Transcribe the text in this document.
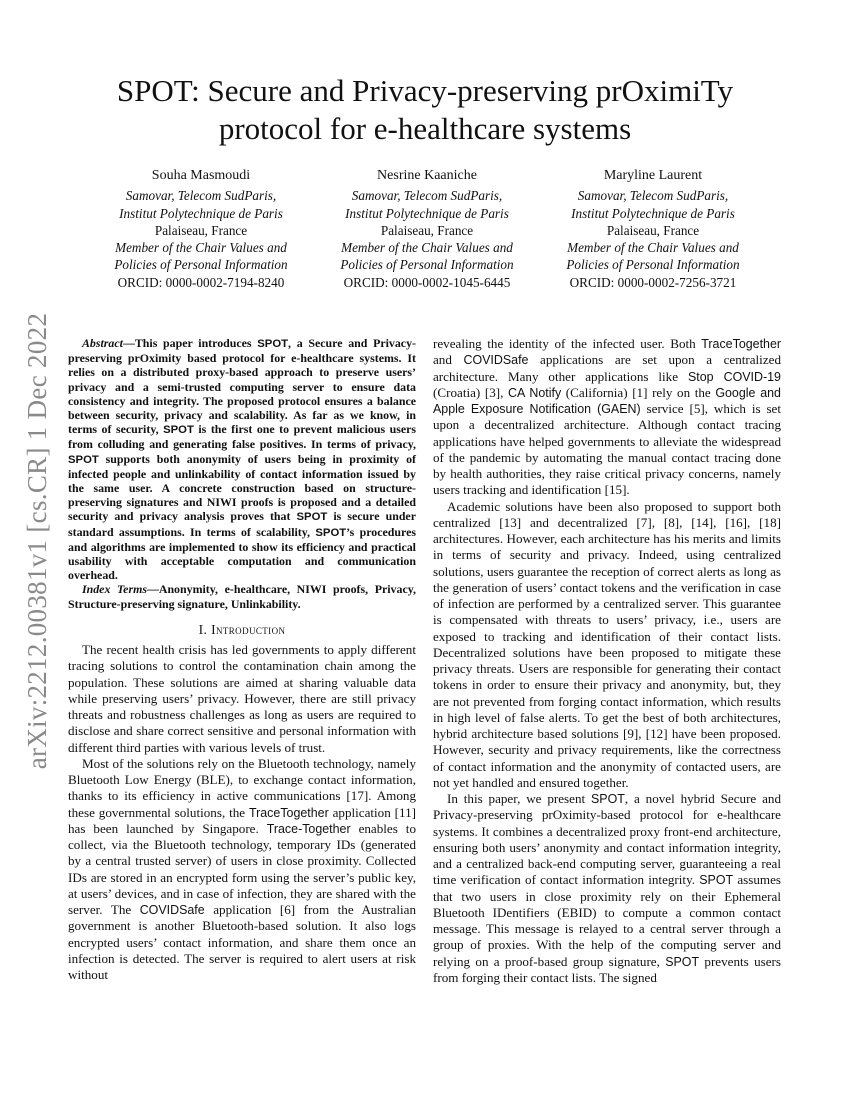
arXiv:2212.00381v1 [cs.CR] 1 Dec 2022
SPOT: Secure and Privacy-preserving prOximiTy
protocol for e-healthcare systems
Souha Masmoudi
Samovar, Telecom SudParis,
Institut Polytechnique de Paris
Palaiseau, France
Member of the Chair Values and
Policies of Personal Information
ORCID: 0000-0002-7194-8240
Nesrine Kaaniche
Samovar, Telecom SudParis,
Institut Polytechnique de Paris
Palaiseau, France
Member of the Chair Values and
Policies of Personal Information
ORCID: 0000-0002-1045-6445
Maryline Laurent
Samovar, Telecom SudParis,
Institut Polytechnique de Paris
Palaiseau, France
Member of the Chair Values and
Policies of Personal Information
ORCID: 0000-0002-7256-3721

Abstract—This paper introduces SPOT, a Secure and Privacy-preserving prOximity based protocol for e-healthcare systems. It relies on a distributed proxy-based approach to preserve users’ privacy and a semi-trusted computing server to ensure data consistency and integrity. The proposed protocol ensures a balance between security, privacy and scalability. As far as we know, in terms of security, SPOT is the first one to prevent malicious users from colluding and generating false positives. In terms of privacy, SPOT supports both anonymity of users being in proximity of infected people and unlinkability of contact information issued by the same user. A concrete construction based on structure-preserving signatures and NIWI proofs is proposed and a detailed security and privacy analysis proves that SPOT is secure under standard assumptions. In terms of scalability, SPOT’s procedures and algorithms are implemented to show its efficiency and practical usability with acceptable computation and communication overhead.

Index Terms—Anonymity, e-healthcare, NIWI proofs, Privacy, Structure-preserving signature, Unlinkability.

I. Introduction

The recent health crisis has led governments to apply different tracing solutions to control the contamination chain among the population. These solutions are aimed at sharing valuable data while preserving users’ privacy. However, there are still privacy threats and robustness challenges as long as users are required to disclose and share correct sensitive and personal information with different third parties with various levels of trust.

Most of the solutions rely on the Bluetooth technology, namely Bluetooth Low Energy (BLE), to exchange contact information, thanks to its efficiency in active communications [17]. Among these governmental solutions, the TraceTogether application [11] has been launched by Singapore. Trace-Together enables to collect, via the Bluetooth technology, temporary IDs (generated by a central trusted server) of users in close proximity. Collected IDs are stored in an encrypted form using the server’s public key, at users’ devices, and in case of infection, they are shared with the server. The COVIDSafe application [6] from the Australian government is another Bluetooth-based solution. It also logs encrypted users’ contact information, and share them once an infection is detected. The server is required to alert users at risk without

revealing the identity of the infected user. Both TraceTogether and COVIDSafe applications are set upon a centralized architecture. Many other applications like Stop COVID-19 (Croatia) [3], CA Notify (California) [1] rely on the Google and Apple Exposure Notification (GAEN) service [5], which is set upon a decentralized architecture. Although contact tracing applications have helped governments to alleviate the widespread of the pandemic by automating the manual contact tracing done by health authorities, they raise critical privacy concerns, namely users tracking and identification [15].

Academic solutions have been also proposed to support both centralized [13] and decentralized [7], [8], [14], [16], [18] architectures. However, each architecture has his merits and limits in terms of security and privacy. Indeed, using centralized solutions, users guarantee the reception of correct alerts as long as the generation of users’ contact tokens and the verification in case of infection are performed by a centralized server. This guarantee is compensated with threats to users’ privacy, i.e., users are exposed to tracking and identification of their contact lists. Decentralized solutions have been proposed to mitigate these privacy threats. Users are responsible for generating their contact tokens in order to ensure their privacy and anonymity, but, they are not prevented from forging contact information, which results in high level of false alerts. To get the best of both architectures, hybrid architecture based solutions [9], [12] have been proposed. However, security and privacy requirements, like the correctness of contact information and the anonymity of contacted users, are not yet handled and ensured together.

In this paper, we present SPOT, a novel hybrid Secure and Privacy-preserving prOximity-based protocol for e-healthcare systems. It combines a decentralized proxy front-end architecture, ensuring both users’ anonymity and contact information integrity, and a centralized back-end computing server, guaranteeing a real time verification of contact information integrity. SPOT assumes that two users in close proximity rely on their Ephemeral Bluetooth IDentifiers (EBID) to compute a common contact message. This message is relayed to a central server through a group of proxies. With the help of the computing server and relying on a proof-based group signature, SPOT prevents users from forging their contact lists. The signed
